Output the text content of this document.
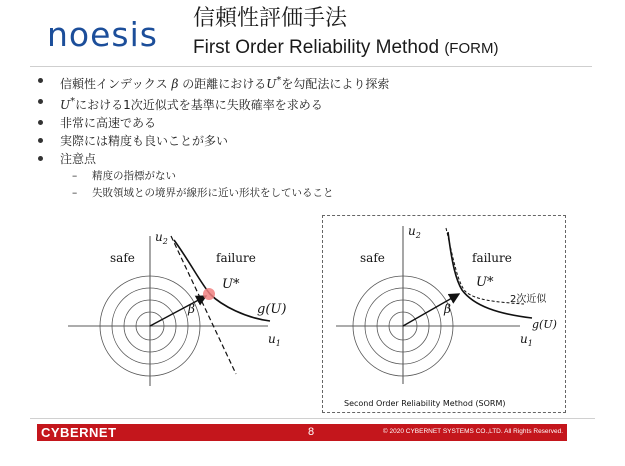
noesis 信頼性評価手法
First Order Reliability Method (FORM)
信頼性インデックス β の距離におけるU*を勾配法により探索
U*における1次近似式を基準に失敗確率を求める
非常に高速である
実際には精度も良いことが多い
注意点
– 精度の指標がない
– 失敗領域との境界が線形に近い形状をしていること
safe	failure
U*
β	g(U)
$u_2$
$u_1$
safe	failure
U*
β
2次近似
g(U)
$u_2$
$u_1$
Second Order Reliability Method (SORM)
CYBERNET	8	© 2020 CYBERNET SYSTEMS CO.,LTD. All Rights Reserved.
